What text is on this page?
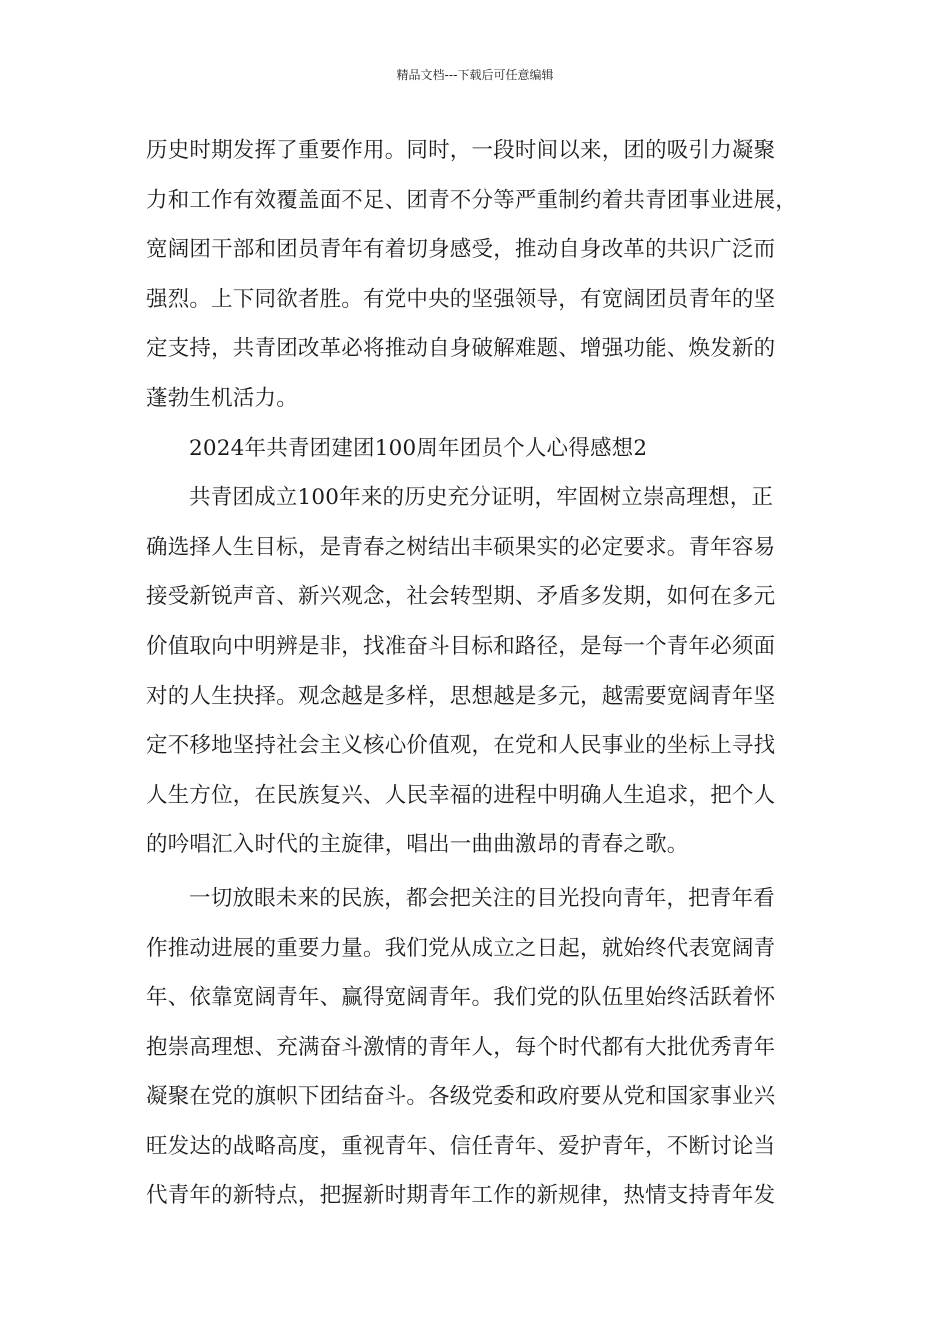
精品文档---下载后可任意编辑
历史时期发挥了重要作用。同时，一段时间以来，团的吸引力凝聚
力和工作有效覆盖面不足、团青不分等严重制约着共青团事业进展，
宽阔团干部和团员青年有着切身感受，推动自身改革的共识广泛而
强烈。上下同欲者胜。有党中央的坚强领导，有宽阔团员青年的坚
定支持，共青团改革必将推动自身破解难题、增强功能、焕发新的
蓬勃生机活力。
2024年共青团建团100周年团员个人心得感想2
共青团成立100年来的历史充分证明，牢固树立崇高理想，正
确选择人生目标，是青春之树结出丰硕果实的必定要求。青年容易
接受新锐声音、新兴观念，社会转型期、矛盾多发期，如何在多元
价值取向中明辨是非，找准奋斗目标和路径，是每一个青年必须面
对的人生抉择。观念越是多样，思想越是多元，越需要宽阔青年坚
定不移地坚持社会主义核心价值观，在党和人民事业的坐标上寻找
人生方位，在民族复兴、人民幸福的进程中明确人生追求，把个人
的吟唱汇入时代的主旋律，唱出一曲曲激昂的青春之歌。
一切放眼未来的民族，都会把关注的目光投向青年，把青年看
作推动进展的重要力量。我们党从成立之日起，就始终代表宽阔青
年、依靠宽阔青年、赢得宽阔青年。我们党的队伍里始终活跃着怀
抱崇高理想、充满奋斗激情的青年人，每个时代都有大批优秀青年
凝聚在党的旗帜下团结奋斗。各级党委和政府要从党和国家事业兴
旺发达的战略高度，重视青年、信任青年、爱护青年，不断讨论当
代青年的新特点，把握新时期青年工作的新规律，热情支持青年发
